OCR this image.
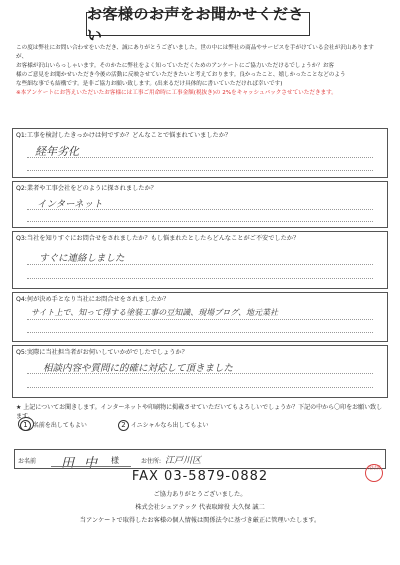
お客様のお声をお聞かせください

この度は弊社にお問い合わせをいただき、誠にありがとうございました。世の中には弊社の商品やサービスを手がけている会社が沢山ありますが、

お客様が沢山いらっしゃいます。そのかたに弊社をよく知っていただくためのアンケートにご協力いただけるでしょうか？お客

様のご意見をお聞かせいただき今後の活動に反映させていただきたいと考えております。良かったこと、嬉しかったことなどのよう

な些細な事でも結構です。是非ご協力お願い致します。(出来るだけ具体的に書いていただければ幸いです)

※本アンケートにお答えいただいたお客様には工事ご用命時に工事金額(税抜き)の 2%をキャッシュバックさせていただきます。

Q1:工事を検討したきっかけは何ですか？どんなことで悩まれていましたか？
経年劣化
Q2:業者や工事会社をどのように探されましたか？
インターネット
Q3:当社を知りすぐにお問合せをされましたか？もし悩まれたとしたらどんなことがご不安でしたか？
すぐに連絡しました
Q4:何が決め手となり当社にお問合せをされましたか？
サイト上で、知って得する塗装工事の豆知識、現場ブログ、地元業社
Q5:実際に当社担当者がお伺いしていかがでしたでしょうか？
相談内容や質問に的確に対応して頂きました
★ 上記についてお聞きします。インターネットや印刷物に掲載させていただいてもよろしいでしょうか？下記の中から〇印をお願い致します。
1 名前を出してもよい	2 イニシャルなら出してもよい
お名前 田中 様	お住所: 江戸川区
FAX 03-5879-0882
受付済
ご協力ありがとうございました。
株式会社シェアテック 代表取締役 大久保 誠二
当アンケートで取得したお客様の個人情報は関係法令に基づき厳正に管理いたします。
